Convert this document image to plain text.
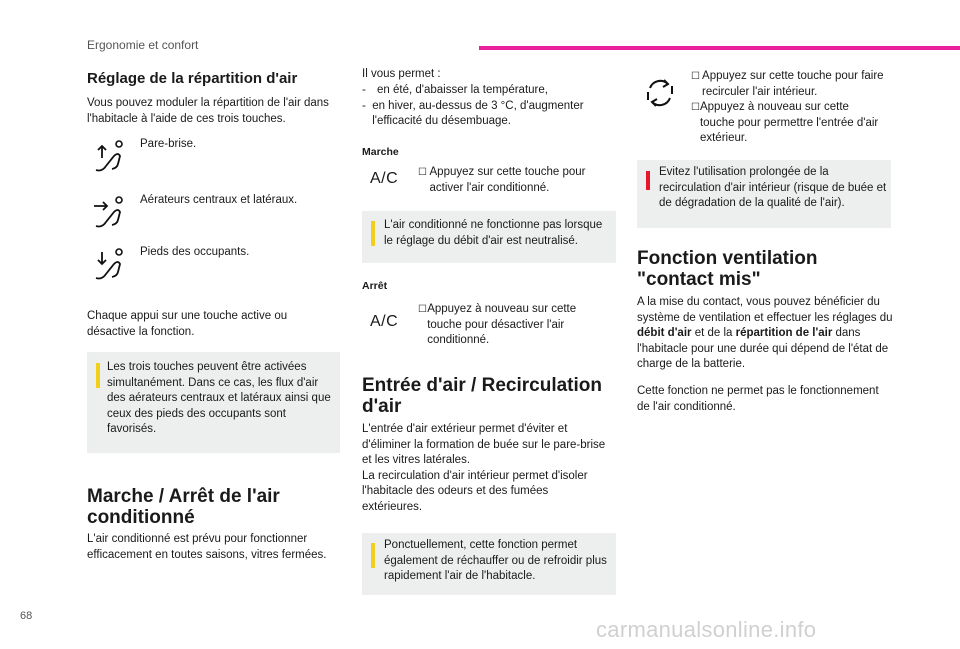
Ergonomie et confort
Réglage de la répartition d'air
Vous pouvez moduler la répartition de l'air dans l'habitacle à l'aide de ces trois touches.
Pare-brise.
Aérateurs centraux et latéraux.
Pieds des occupants.
Chaque appui sur une touche active ou désactive la fonction.
Les trois touches peuvent être activées simultanément. Dans ce cas, les flux d'air des aérateurs centraux et latéraux ainsi que ceux des pieds des occupants sont favorisés.
Marche / Arrêt de l'air conditionné
L'air conditionné est prévu pour fonctionner efficacement en toutes saisons, vitres fermées.
Il vous permet :
- en été, d'abaisser la température,
- en hiver, au-dessus de 3 °C, d'augmenter l'efficacité du désembuage.
Marche
A/C ☐ Appuyez sur cette touche pour activer l'air conditionné.
L'air conditionné ne fonctionne pas lorsque le réglage du débit d'air est neutralisé.
Arrêt
A/C
☐ Appuyez à nouveau sur cette touche pour désactiver l'air conditionné.
Entrée d'air / Recirculation d'air
L'entrée d'air extérieur permet d'éviter et d'éliminer la formation de buée sur le pare-brise et les vitres latérales.
La recirculation d'air intérieur permet d'isoler l'habitacle des odeurs et des fumées extérieures.
Ponctuellement, cette fonction permet également de réchauffer ou de refroidir plus rapidement l'air de l'habitacle.
☐ Appuyez sur cette touche pour faire recirculer l'air intérieur.
☐ Appuyez à nouveau sur cette touche pour permettre l'entrée d'air extérieur.
Evitez l'utilisation prolongée de la recirculation d'air intérieur (risque de buée et de dégradation de la qualité de l'air).
Fonction ventilation "contact mis"
A la mise du contact, vous pouvez bénéficier du système de ventilation et effectuer les réglages du débit d'air et de la répartition de l'air dans l'habitacle pour une durée qui dépend de l'état de charge de la batterie.
Cette fonction ne permet pas le fonctionnement de l'air conditionné.
68
carmanualsonline.info
